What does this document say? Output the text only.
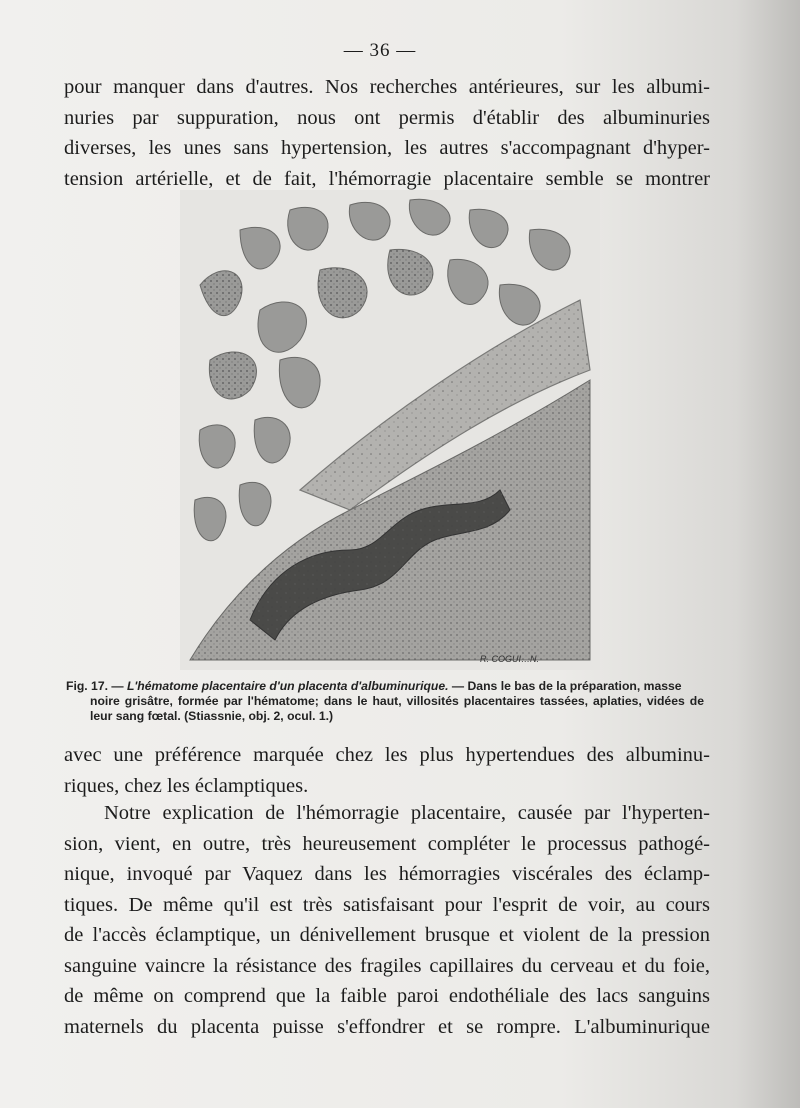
— 36 —
pour manquer dans d'autres. Nos recherches antérieures, sur les albumi-
nuries par suppuration, nous ont permis d'établir des albuminuries
diverses, les unes sans hypertension, les autres s'accompagnant d'hyper-
tension artérielle, et de fait, l'hémorragie placentaire semble se montrer
R. COGUI…N.
Fig. 17. — L'hématome placentaire d'un placenta d'albuminurique. — Dans le bas de la préparation, masse
noire grisâtre, formée par l'hématome; dans le haut, villosités placentaires tassées, aplaties, vidées de leur sang fœtal. (Stiassnie, obj. 2, ocul. 1.)
avec une préférence marquée chez les plus hypertendues des albuminu-
riques, chez les éclamptiques.
Notre explication de l'hémorragie placentaire, causée par l'hyperten-
sion, vient, en outre, très heureusement compléter le processus pathogé-
nique, invoqué par Vaquez dans les hémorragies viscérales des éclamp-
tiques. De même qu'il est très satisfaisant pour l'esprit de voir, au cours
de l'accès éclamptique, un dénivellement brusque et violent de la pression
sanguine vaincre la résistance des fragiles capillaires du cerveau et du foie,
de même on comprend que la faible paroi endothéliale des lacs sanguins
maternels du placenta puisse s'effondrer et se rompre. L'albuminurique
